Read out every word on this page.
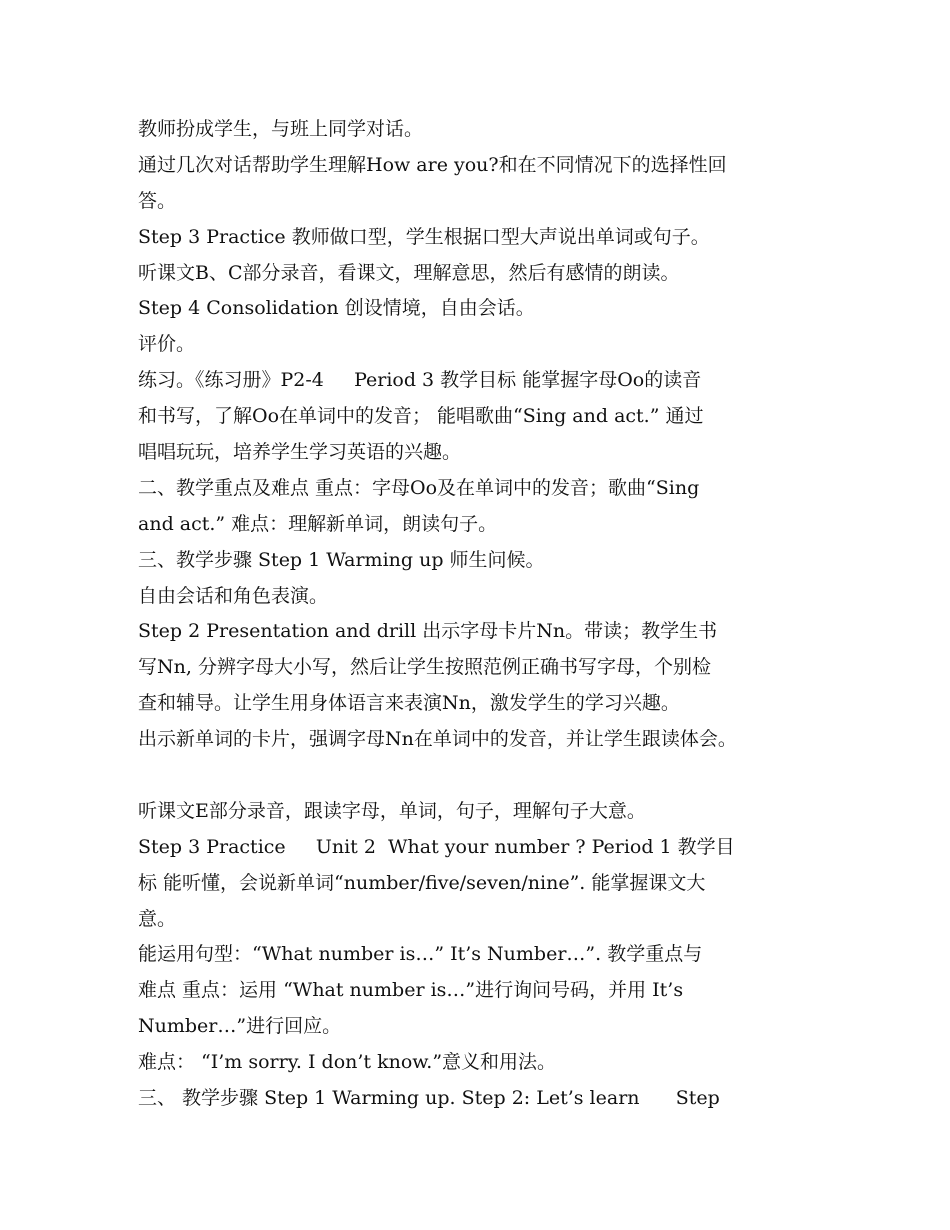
教师扮成学生，与班上同学对话。
通过几次对话帮助学生理解How are you?和在不同情况下的选择性回
答。
Step 3 Practice 教师做口型，学生根据口型大声说出单词或句子。
听课文B、C部分录音，看课文，理解意思，然后有感情的朗读。
Step 4 Consolidation 创设情境，自由会话。
评价。
练习。《练习册》P2-4     Period 3 教学目标 能掌握字母Oo的读音
和书写，了解Oo在单词中的发音； 能唱歌曲“Sing and act.” 通过
唱唱玩玩，培养学生学习英语的兴趣。
二、教学重点及难点 重点：字母Oo及在单词中的发音；歌曲“Sing
and act.” 难点：理解新单词，朗读句子。
三、教学步骤 Step 1 Warming up 师生问候。
自由会话和角色表演。
Step 2 Presentation and drill 出示字母卡片Nn。带读；教学生书
写Nn, 分辨字母大小写，然后让学生按照范例正确书写字母，个别检
查和辅导。让学生用身体语言来表演Nn，激发学生的学习兴趣。
出示新单词的卡片，强调字母Nn在单词中的发音，并让学生跟读体会。
听课文E部分录音，跟读字母，单词，句子，理解句子大意。
Step 3 Practice     Unit 2  What your number ? Period 1 教学目
标 能听懂，会说新单词“number/five/seven/nine”. 能掌握课文大
意。
能运用句型：“What number is…” It’s Number…”. 教学重点与
难点 重点：运用 “What number is…”进行询问号码，并用 It’s
Number…”进行回应。
难点： “I’m sorry. I don’t know.”意义和用法。
三、 教学步骤 Step 1 Warming up. Step 2: Let’s learn      Step
